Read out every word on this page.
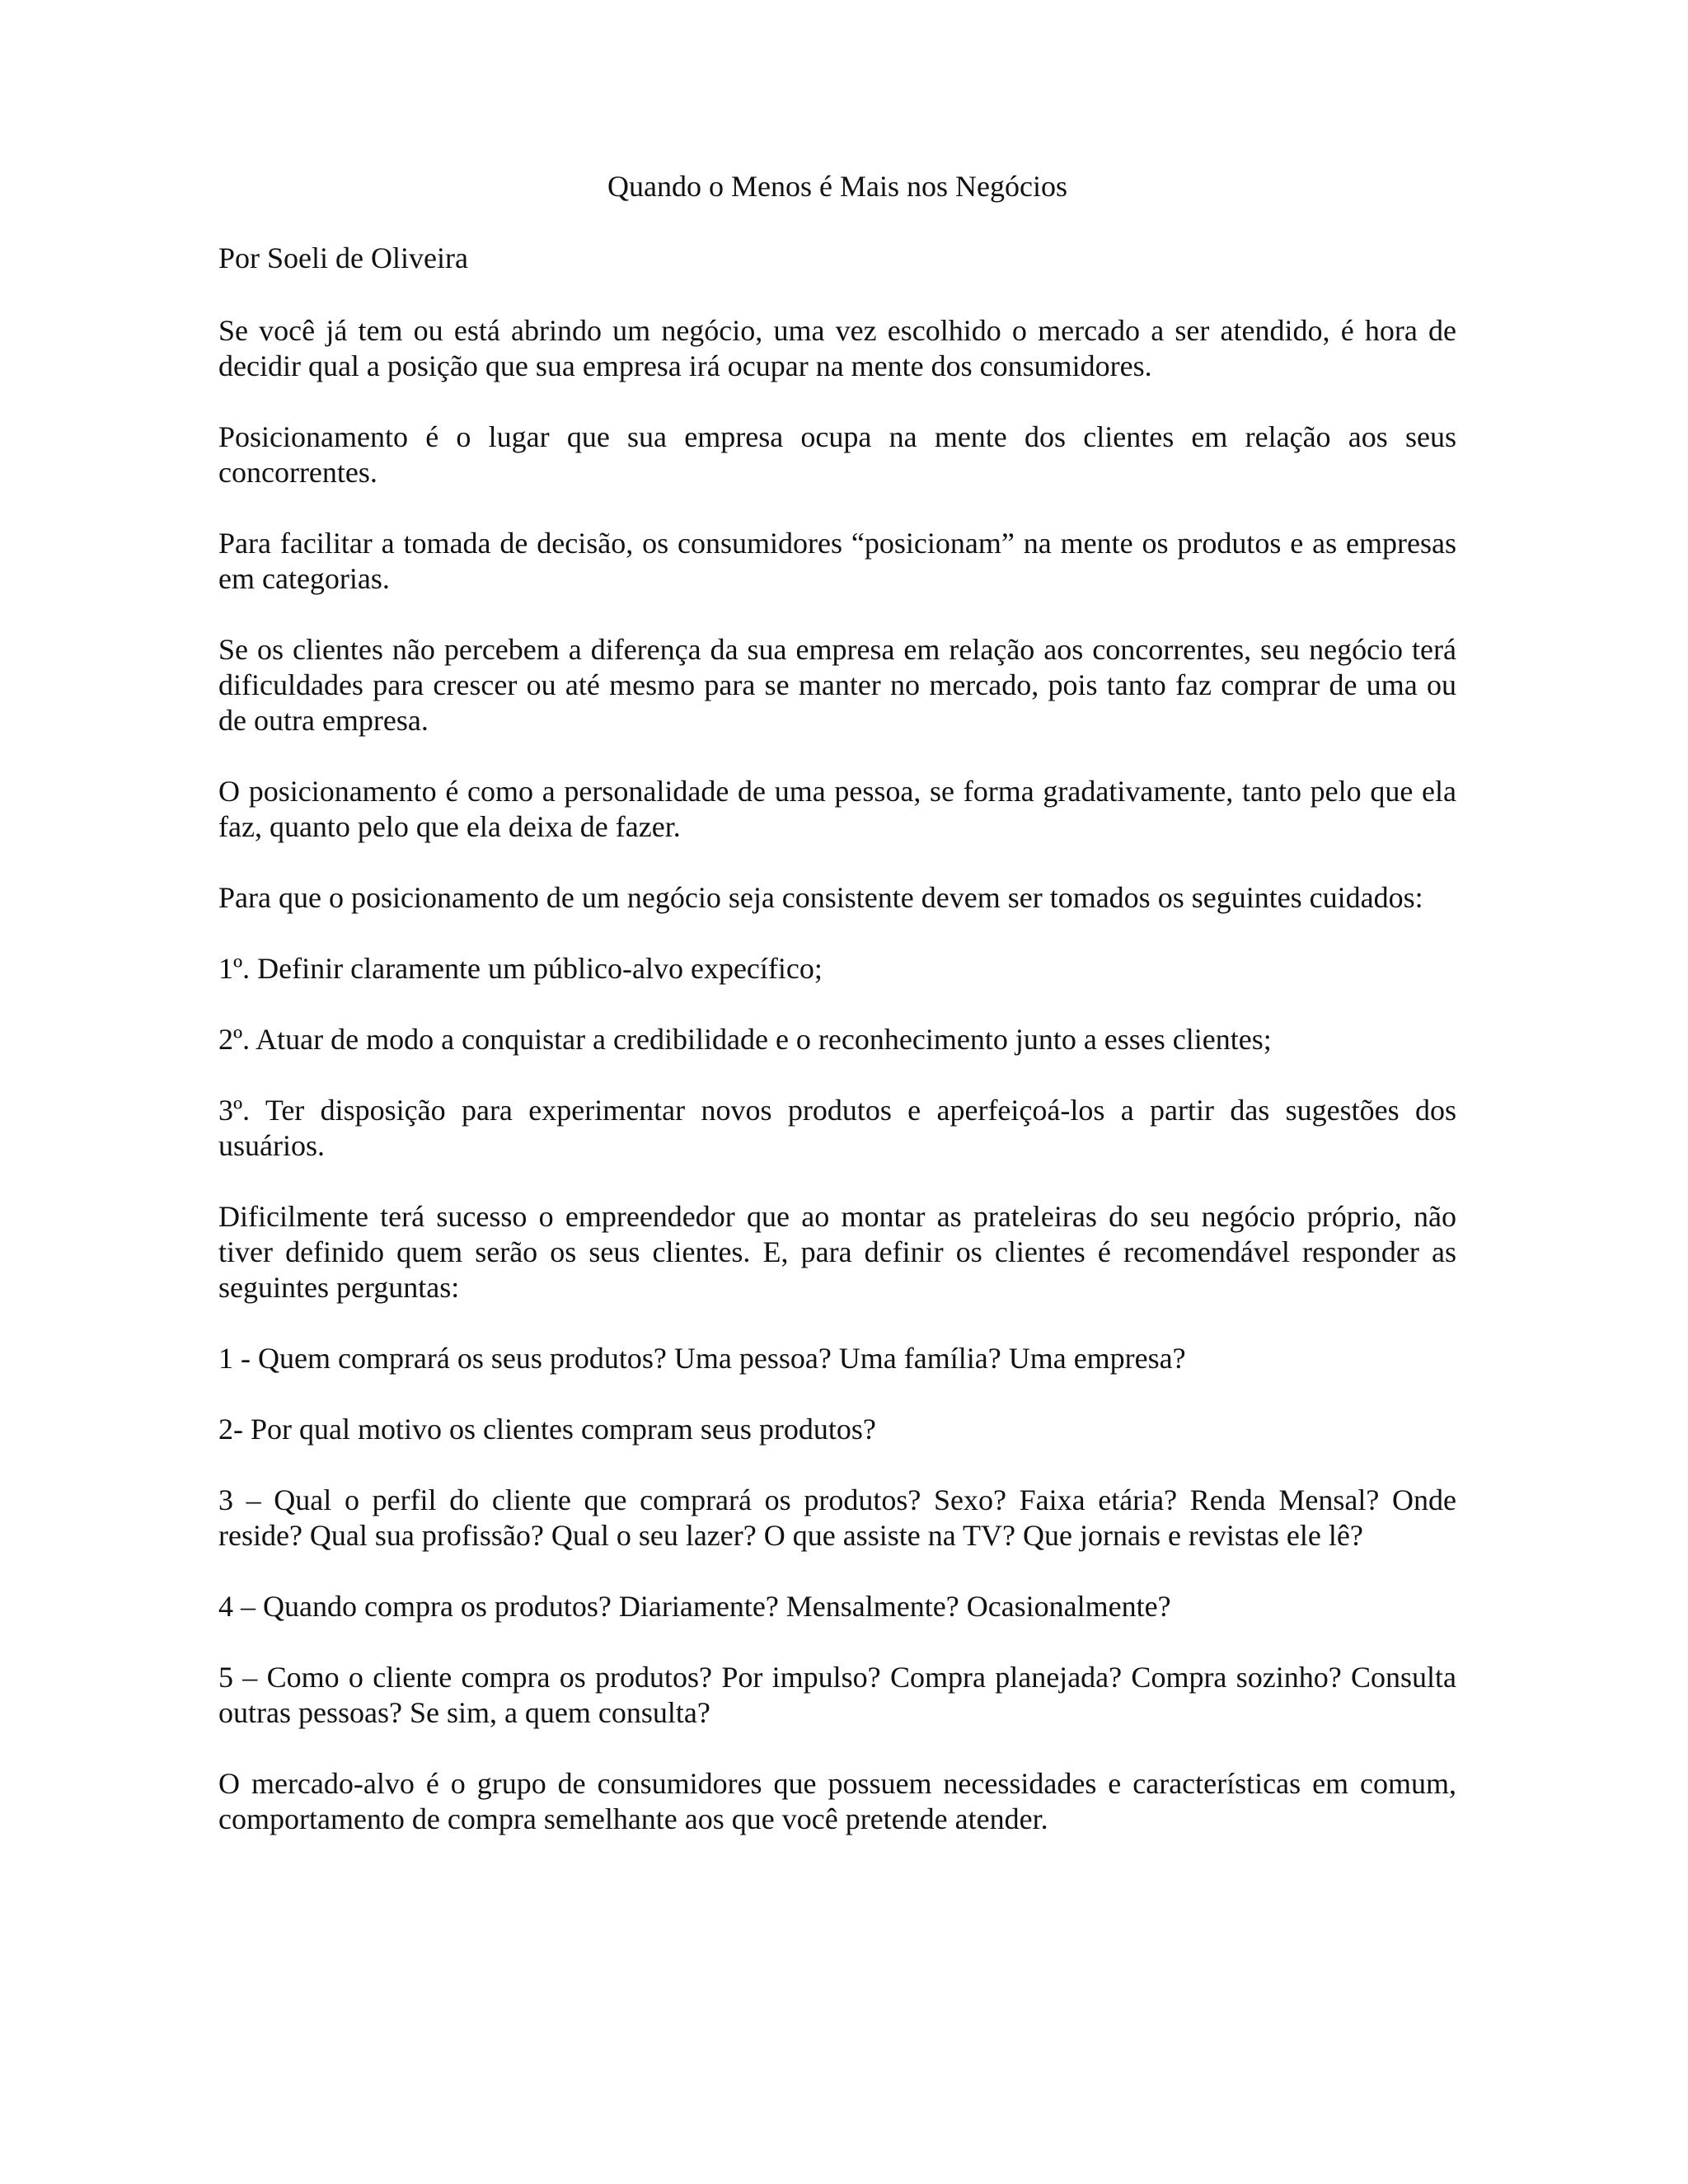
Quando o Menos é Mais nos Negócios

Por Soeli de Oliveira

Se você já tem ou está abrindo um negócio, uma vez escolhido o mercado a ser atendido, é hora de decidir qual a posição que sua empresa irá ocupar na mente dos consumidores.

Posicionamento é o lugar que sua empresa ocupa na mente dos clientes em relação aos seus concorrentes.

Para facilitar a tomada de decisão, os consumidores “posicionam” na mente os produtos e as empresas em categorias.

Se os clientes não percebem a diferença da sua empresa em relação aos concorrentes, seu negócio terá dificuldades para crescer ou até mesmo para se manter no mercado, pois tanto faz comprar de uma ou de outra empresa.

O posicionamento é como a personalidade de uma pessoa, se forma gradativamente, tanto pelo que ela faz, quanto pelo que ela deixa de fazer.

Para que o posicionamento de um negócio seja consistente devem ser tomados os seguintes cuidados:

1º. Definir claramente um público-alvo expecífico;

2º. Atuar de modo a conquistar a credibilidade e o reconhecimento junto a esses clientes;

3º. Ter disposição para experimentar novos produtos e aperfeiçoá-los a partir das sugestões dos usuários.

Dificilmente terá sucesso o empreendedor que ao montar as prateleiras do seu negócio próprio, não tiver definido quem serão os seus clientes. E, para definir os clientes é recomendável responder as seguintes perguntas:

1 - Quem comprará os seus produtos? Uma pessoa? Uma família? Uma empresa?

2- Por qual motivo os clientes compram seus produtos?

3 – Qual o perfil do cliente que comprará os produtos? Sexo? Faixa etária? Renda Mensal? Onde reside? Qual sua profissão? Qual o seu lazer? O que assiste na TV? Que jornais e revistas ele lê?

4 – Quando compra os produtos? Diariamente? Mensalmente? Ocasionalmente?

5 – Como o cliente compra os produtos? Por impulso? Compra planejada? Compra sozinho? Consulta outras pessoas? Se sim, a quem consulta?

O mercado-alvo é o grupo de consumidores que possuem necessidades e características em comum, comportamento de compra semelhante aos que você pretende atender.
